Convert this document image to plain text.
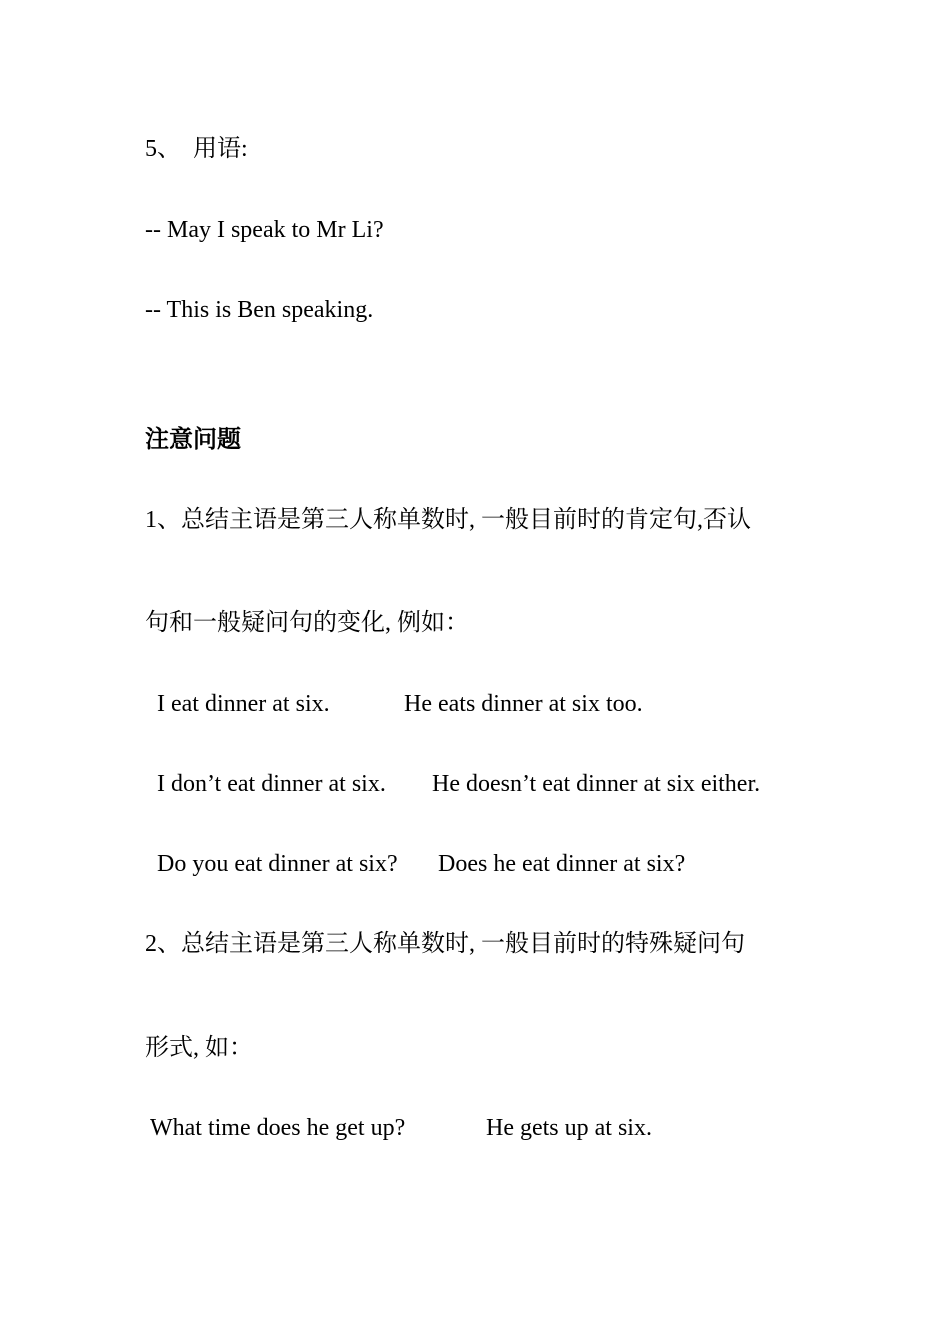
5、  用语:
-- May I speak to Mr Li?
-- This is Ben speaking.
注意问题
1、总结主语是第三人称单数时, 一般目前时的肯定句,否认
句和一般疑问句的变化, 例如：
I eat dinner at six.	He eats dinner at six too.
I don’t eat dinner at six. He doesn’t eat dinner at six either.
Do you eat dinner at six? Does he eat dinner at six?
2、总结主语是第三人称单数时, 一般目前时的特殊疑问句
形式, 如：
What time does he get up?	He gets up at six.
